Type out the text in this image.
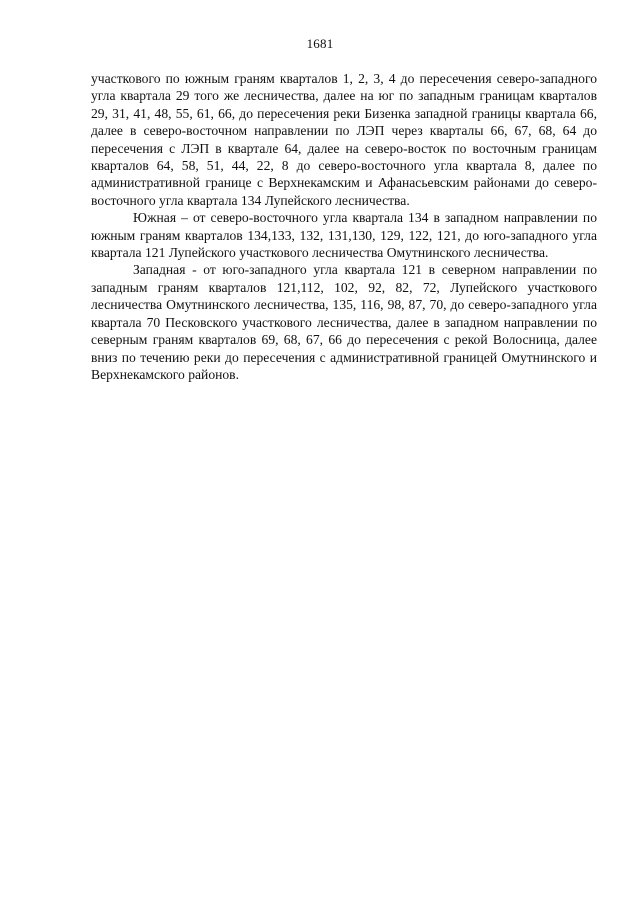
1681

участкового по южным граням кварталов 1, 2, 3, 4 до пересечения северо-западного угла квартала 29 того же лесничества, далее на юг по западным границам кварталов 29, 31, 41, 48, 55, 61, 66, до пересечения реки Бизенка западной границы квартала 66, далее в северо-восточном направлении по ЛЭП через кварталы 66, 67, 68, 64 до пересечения с ЛЭП в квартале 64, далее на северо-восток по восточным границам кварталов 64, 58, 51, 44, 22, 8 до северо-восточного угла квартала 8, далее по административной границе с Верхнекамским и Афанасьевским районами до северо-восточного угла квартала 134 Лупейского лесничества.

Южная – от северо-восточного угла квартала 134 в западном направлении по южным граням кварталов 134,133, 132, 131,130, 129, 122, 121, до юго-западного угла квартала 121 Лупейского участкового лесничества Омутнинского лесничества.

Западная - от юго-западного угла квартала 121 в северном направлении по западным граням кварталов 121,112, 102, 92, 82, 72, Лупейского участкового лесничества Омутнинского лесничества, 135, 116, 98, 87, 70, до северо-западного угла квартала 70 Песковского участкового лесничества, далее в западном направлении по северным граням кварталов 69, 68, 67, 66 до пересечения с рекой Волосница, далее вниз по течению реки до пересечения с административной границей Омутнинского и Верхнекамского районов.
